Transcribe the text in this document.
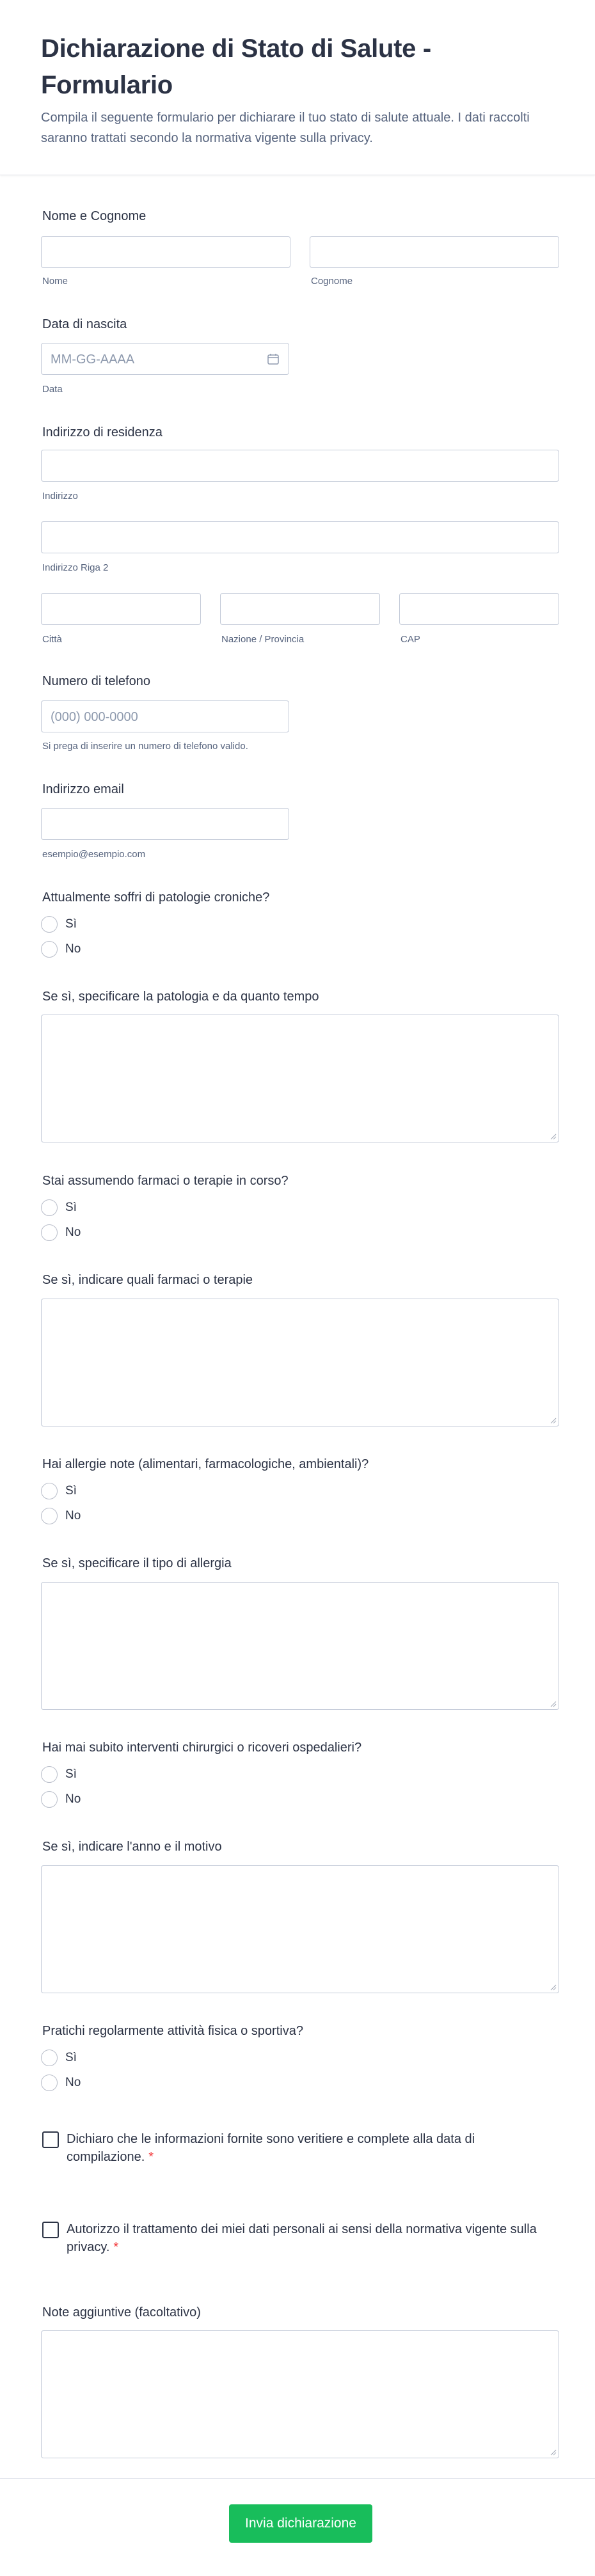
Dichiarazione di Stato di Salute - Formulario

Compila il seguente formulario per dichiarare il tuo stato di salute attuale. I dati raccolti saranno trattati secondo la normativa vigente sulla privacy.

Nome e Cognome
Nome	Cognome
Data di nascita
MM-GG-AAAA
Data
Indirizzo di residenza
Indirizzo
Indirizzo Riga 2
Città	Nazione / Provincia	CAP
Numero di telefono
(000) 000-0000
Si prega di inserire un numero di telefono valido.
Indirizzo email
esempio@esempio.com
Attualmente soffri di patologie croniche?
Sì
No
Se sì, specificare la patologia e da quanto tempo
Stai assumendo farmaci o terapie in corso?
Sì
No
Se sì, indicare quali farmaci o terapie
Hai allergie note (alimentari, farmacologiche, ambientali)?
Sì
No
Se sì, specificare il tipo di allergia
Hai mai subito interventi chirurgici o ricoveri ospedalieri?
Sì
No
Se sì, indicare l'anno e il motivo
Pratichi regolarmente attività fisica o sportiva?
Sì
No
Dichiaro che le informazioni fornite sono veritiere e complete alla data di compilazione. *
Autorizzo il trattamento dei miei dati personali ai sensi della normativa vigente sulla privacy. *
Note aggiuntive (facoltativo)
Invia dichiarazione
